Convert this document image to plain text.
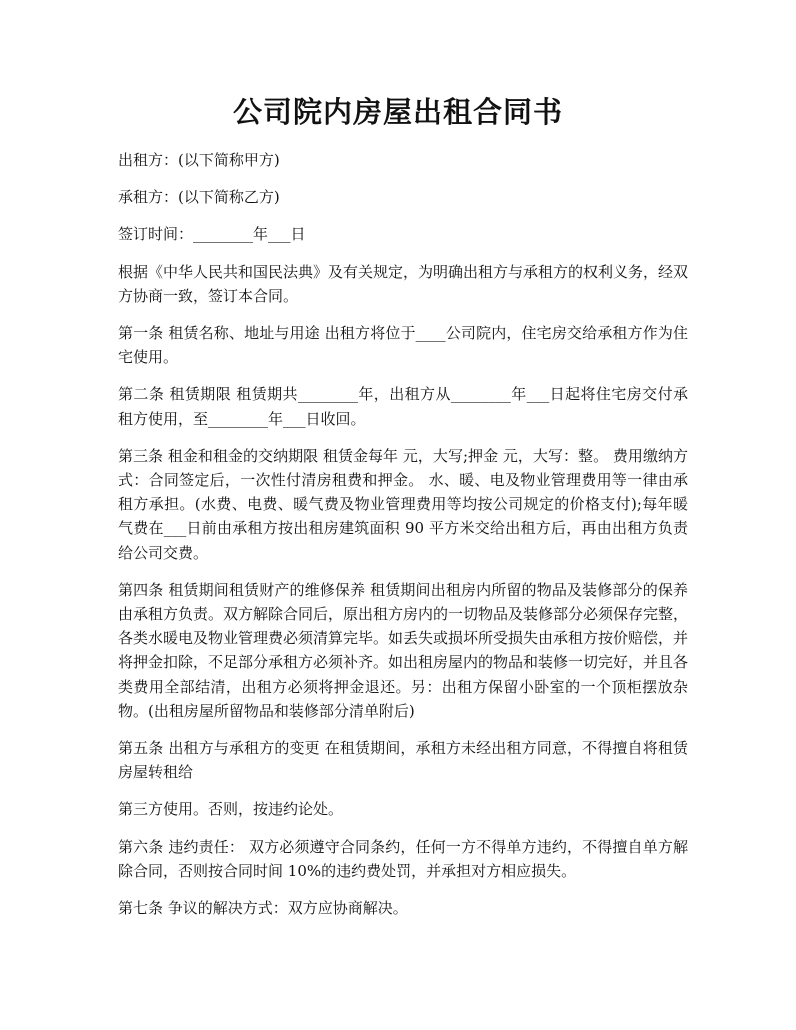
公司院内房屋出租合同书

出租方：(以下简称甲方)

承租方：(以下简称乙方)

签订时间：________年___日

根据《中华人民共和国民法典》及有关规定，为明确出租方与承租方的权利义务，经双方协商一致，签订本合同。

第一条 租赁名称、地址与用途 出租方将位于____公司院内，住宅房交给承租方作为住宅使用。

第二条 租赁期限 租赁期共________年，出租方从________年___日起将住宅房交付承租方使用，至________年___日收回。

第三条 租金和租金的交纳期限 租赁金每年 元，大写;押金 元，大写：整。 费用缴纳方式：合同签定后，一次性付清房租费和押金。 水、暖、电及物业管理费用等一律由承租方承担。(水费、电费、暖气费及物业管理费用等均按公司规定的价格支付);每年暖气费在___日前由承租方按出租房建筑面积 90 平方米交给出租方后，再由出租方负责给公司交费。

第四条 租赁期间租赁财产的维修保养 租赁期间出租房内所留的物品及装修部分的保养由承租方负责。双方解除合同后，原出租方房内的一切物品及装修部分必须保存完整，各类水暖电及物业管理费必须清算完毕。如丢失或损坏所受损失由承租方按价赔偿，并将押金扣除，不足部分承租方必须补齐。如出租房屋内的物品和装修一切完好，并且各类费用全部结清，出租方必须将押金退还。另：出租方保留小卧室的一个顶柜摆放杂物。(出租房屋所留物品和装修部分清单附后)

第五条 出租方与承租方的变更 在租赁期间，承租方未经出租方同意，不得擅自将租赁房屋转租给

第三方使用。否则，按违约论处。

第六条 违约责任： 双方必须遵守合同条约，任何一方不得单方违约，不得擅自单方解除合同，否则按合同时间 10%的违约费处罚，并承担对方相应损失。

第七条 争议的解决方式：双方应协商解决。
